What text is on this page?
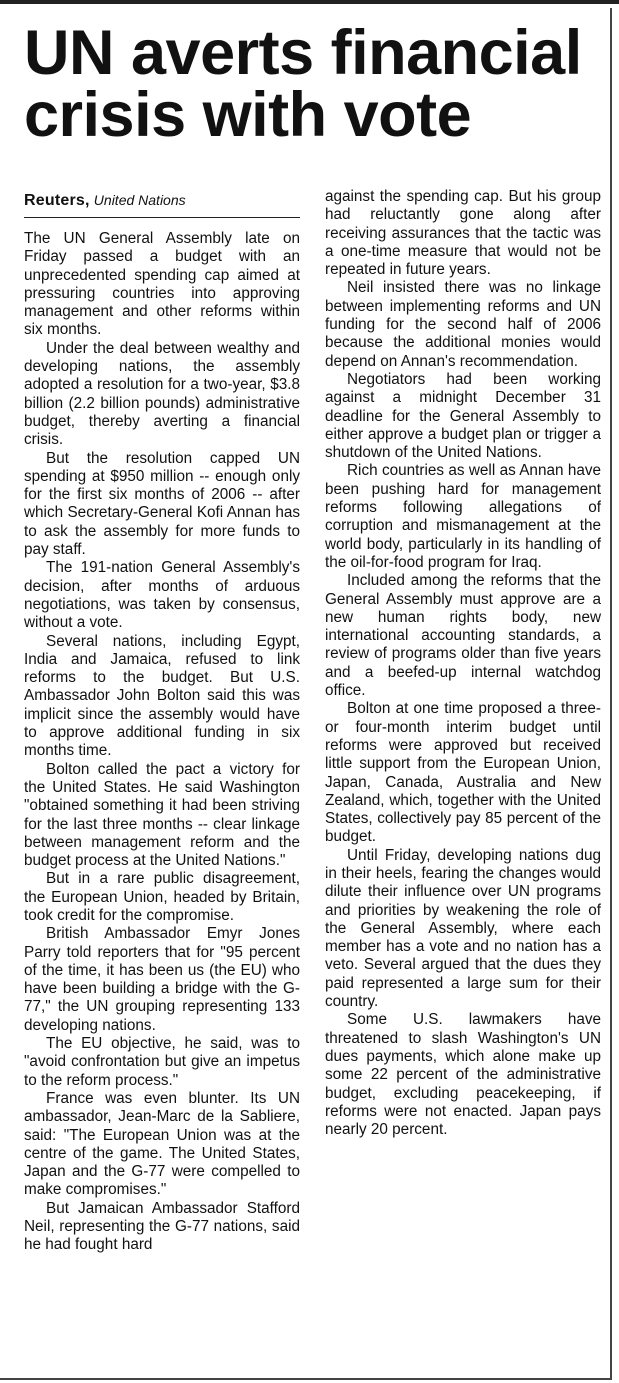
UN averts financial crisis with vote
Reuters, United Nations

The UN General Assembly late on Friday passed a budget with an unprecedented spending cap aimed at pressuring countries into approving management and other reforms within six months.

Under the deal between wealthy and developing nations, the assembly adopted a resolution for a two-year, $3.8 billion (2.2 billion pounds) administrative budget, thereby averting a financial crisis.

But the resolution capped UN spending at $950 million -- enough only for the first six months of 2006 -- after which Secretary-General Kofi Annan has to ask the assembly for more funds to pay staff.

The 191-nation General Assembly's decision, after months of arduous negotiations, was taken by consensus, without a vote.

Several nations, including Egypt, India and Jamaica, refused to link reforms to the budget. But U.S. Ambassador John Bolton said this was implicit since the assembly would have to approve additional funding in six months time.

Bolton called the pact a victory for the United States. He said Washington "obtained something it had been striving for the last three months -- clear linkage between management reform and the budget process at the United Nations."

But in a rare public disagreement, the European Union, headed by Britain, took credit for the compromise.

British Ambassador Emyr Jones Parry told reporters that for "95 percent of the time, it has been us (the EU) who have been building a bridge with the G-77," the UN grouping representing 133 developing nations.

The EU objective, he said, was to "avoid confrontation but give an impetus to the reform process."

France was even blunter. Its UN ambassador, Jean-Marc de la Sabliere, said: "The European Union was at the centre of the game. The United States, Japan and the G-77 were compelled to make compromises."

But Jamaican Ambassador Stafford Neil, representing the G-77 nations, said he had fought hard

against the spending cap. But his group had reluctantly gone along after receiving assurances that the tactic was a one-time measure that would not be repeated in future years.

Neil insisted there was no linkage between implementing reforms and UN funding for the second half of 2006 because the additional monies would depend on Annan's recommendation.

Negotiators had been working against a midnight December 31 deadline for the General Assembly to either approve a budget plan or trigger a shutdown of the United Nations.

Rich countries as well as Annan have been pushing hard for management reforms following allegations of corruption and mismanagement at the world body, particularly in its handling of the oil-for-food program for Iraq.

Included among the reforms that the General Assembly must approve are a new human rights body, new international accounting standards, a review of programs older than five years and a beefed-up internal watchdog office.

Bolton at one time proposed a three- or four-month interim budget until reforms were approved but received little support from the European Union, Japan, Canada, Australia and New Zealand, which, together with the United States, collectively pay 85 percent of the budget.

Until Friday, developing nations dug in their heels, fearing the changes would dilute their influence over UN programs and priorities by weakening the role of the General Assembly, where each member has a vote and no nation has a veto. Several argued that the dues they paid represented a large sum for their country.

Some U.S. lawmakers have threatened to slash Washington's UN dues payments, which alone make up some 22 percent of the administrative budget, excluding peacekeeping, if reforms were not enacted. Japan pays nearly 20 percent.
